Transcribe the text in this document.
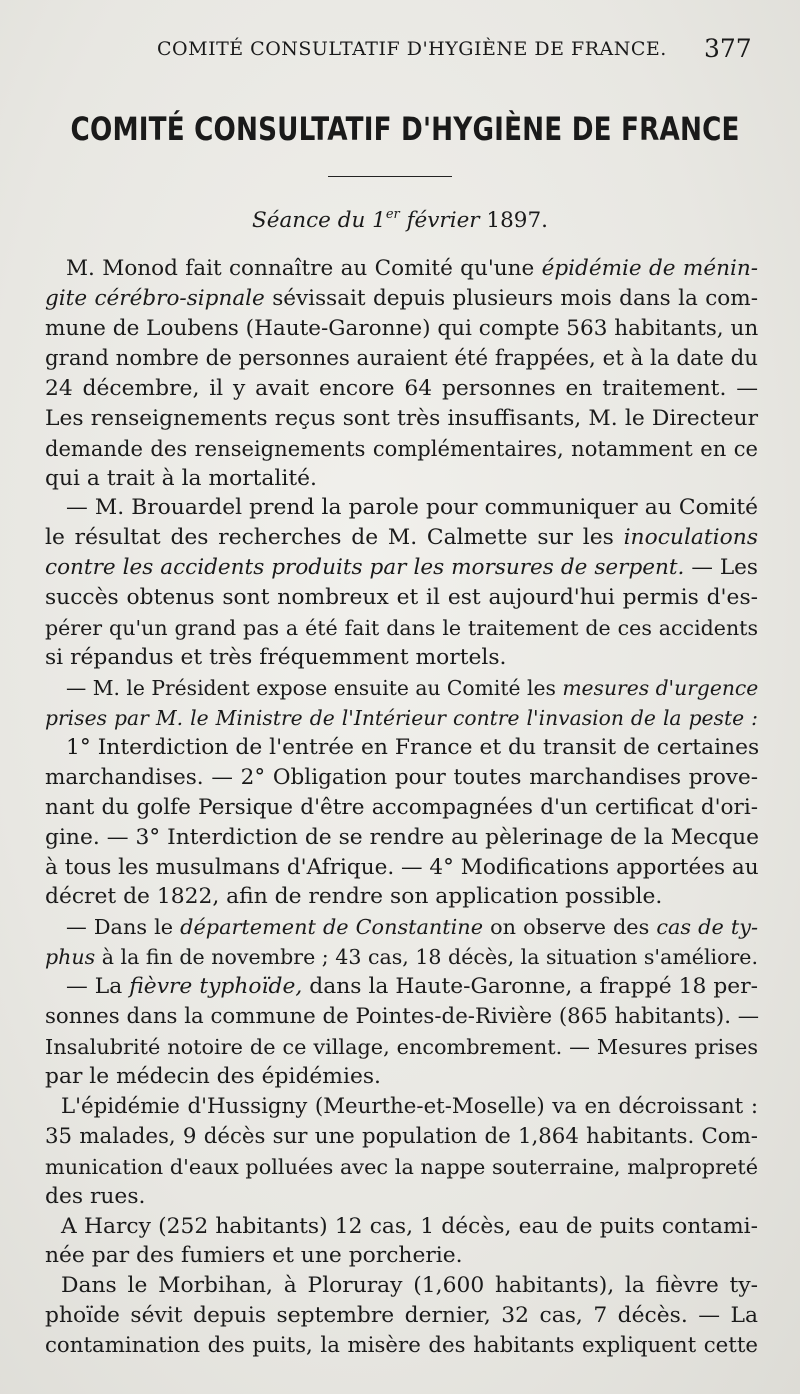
COMITÉ CONSULTATIF D'HYGIÈNE DE FRANCE. 377
COMITÉ CONSULTATIF D'HYGIÈNE DE FRANCE
Séance du 1er février 1897.
M. Monod fait connaître au Comité qu'une épidémie de ménin-
gite cérébro-sipnale sévissait depuis plusieurs mois dans la com-
mune de Loubens (Haute-Garonne) qui compte 563 habitants, un
grand nombre de personnes auraient été frappées, et à la date du
24 décembre, il y avait encore 64 personnes en traitement. —
Les renseignements reçus sont très insuffisants, M. le Directeur
demande des renseignements complémentaires, notamment en ce
qui a trait à la mortalité.
— M. Brouardel prend la parole pour communiquer au Comité
le résultat des recherches de M. Calmette sur les inoculations
contre les accidents produits par les morsures de serpent. — Les
succès obtenus sont nombreux et il est aujourd'hui permis d'es-
pérer qu'un grand pas a été fait dans le traitement de ces accidents
si répandus et très fréquemment mortels.
— M. le Président expose ensuite au Comité les mesures d'urgence
prises par M. le Ministre de l'Intérieur contre l'invasion de la peste :
1° Interdiction de l'entrée en France et du transit de certaines
marchandises. — 2° Obligation pour toutes marchandises prove-
nant du golfe Persique d'être accompagnées d'un certificat d'ori-
gine. — 3° Interdiction de se rendre au pèlerinage de la Mecque
à tous les musulmans d'Afrique. — 4° Modifications apportées au
décret de 1822, afin de rendre son application possible.
— Dans le département de Constantine on observe des cas de ty-
phus à la fin de novembre ; 43 cas, 18 décès, la situation s'améliore.
— La fièvre typhoïde, dans la Haute-Garonne, a frappé 18 per-
sonnes dans la commune de Pointes-de-Rivière (865 habitants). —
Insalubrité notoire de ce village, encombrement. — Mesures prises
par le médecin des épidémies.
L'épidémie d'Hussigny (Meurthe-et-Moselle) va en décroissant :
35 malades, 9 décès sur une population de 1,864 habitants. Com-
munication d'eaux polluées avec la nappe souterraine, malpropreté
des rues.
A Harcy (252 habitants) 12 cas, 1 décès, eau de puits contami-
née par des fumiers et une porcherie.
Dans le Morbihan, à Ploruray (1,600 habitants), la fièvre ty-
phoïde sévit depuis septembre dernier, 32 cas, 7 décès. — La
contamination des puits, la misère des habitants expliquent cette
